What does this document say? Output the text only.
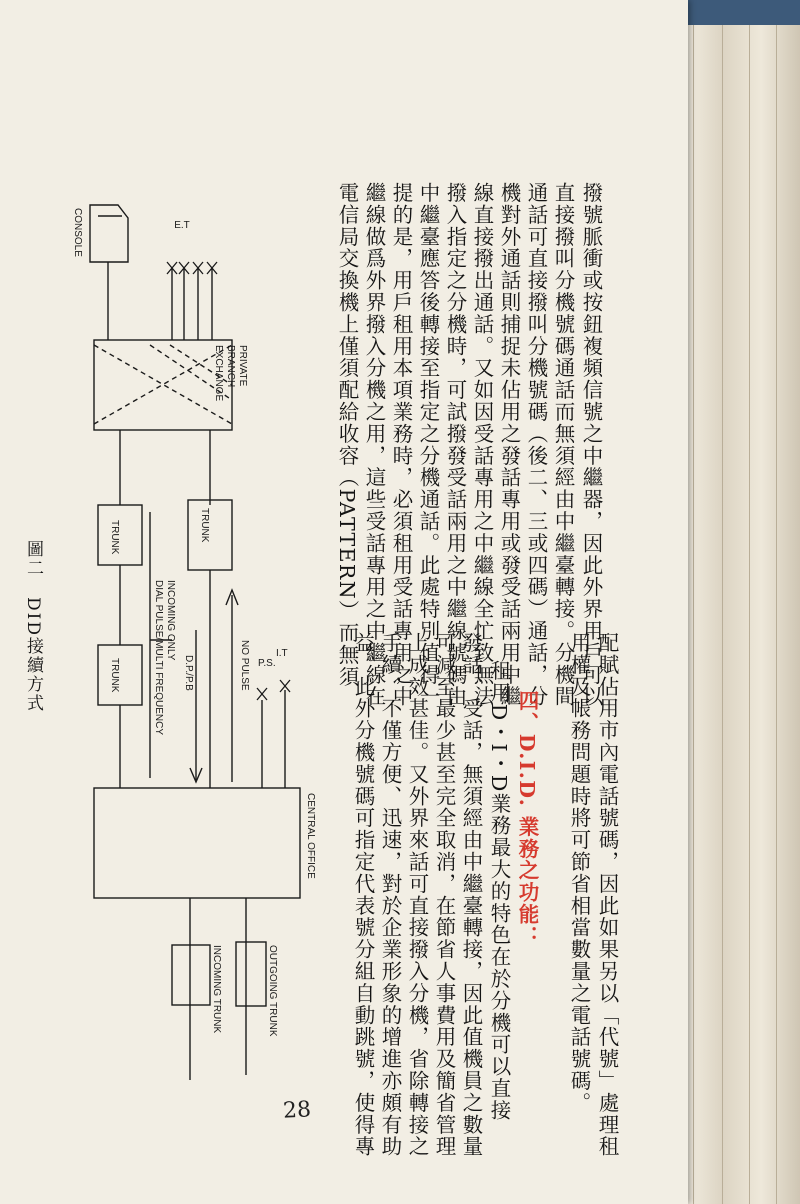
撥號脈衝或按鈕複頻信號之中繼器，因此外界用戶可以
直接撥叫分機號碼通話而無須經由中繼臺轉接。分機間
通話可直接撥叫分機號碼（後二、三或四碼）通話，分
機對外通話則捕捉未佔用之發話專用或發受話兩用中繼
線直接撥出通話。又如因受話專用之中繼線全忙致無法
撥入指定之分機時，可試撥發受話兩用之中繼線號碼由
中繼臺應答後轉接至指定之分機通話。此處特別值得一
提的是，用戶租用本項業務時，必須租用受話專用之中
繼線做爲外界撥入分機之用，這些受話專用之中繼線在
電信局交換機上僅須配給收容（PATTERN）而無須
配賦佔用市內電話號碼，因此如果另以「代號」處理租
用權及帳務問題時將可節省相當數量之電話號碼。
四、D.I.D. 業務之功能：
租用D・I・D業務最大的特色在於分機可以直接
發話、受話，無須經由中繼臺轉接，因此值機員之數量
可減至最少甚至完全取消，在節省人事費用及簡省管理
上成效甚佳。又外界來話可直接撥入分機，省除轉接之
手續，不僅方便、迅速，對於企業形象的增進亦頗有助
益。此外分機號碼可指定代表號分組自動跳號，使得專
CONSOLE	E.T
PRIVATE
BRANCH
EXCHANGE
TRUNK	TRUNK
TRUNK
INCOMING ONLY
DIAL PULSE/MULTI FREQUENCY	NO PULSE
D.P./P.B	P.S.
I.T
CENTRAL OFFICE
OUTGOING TRUNK
INCOMING TRUNK
圖二　DID接續方式
28
